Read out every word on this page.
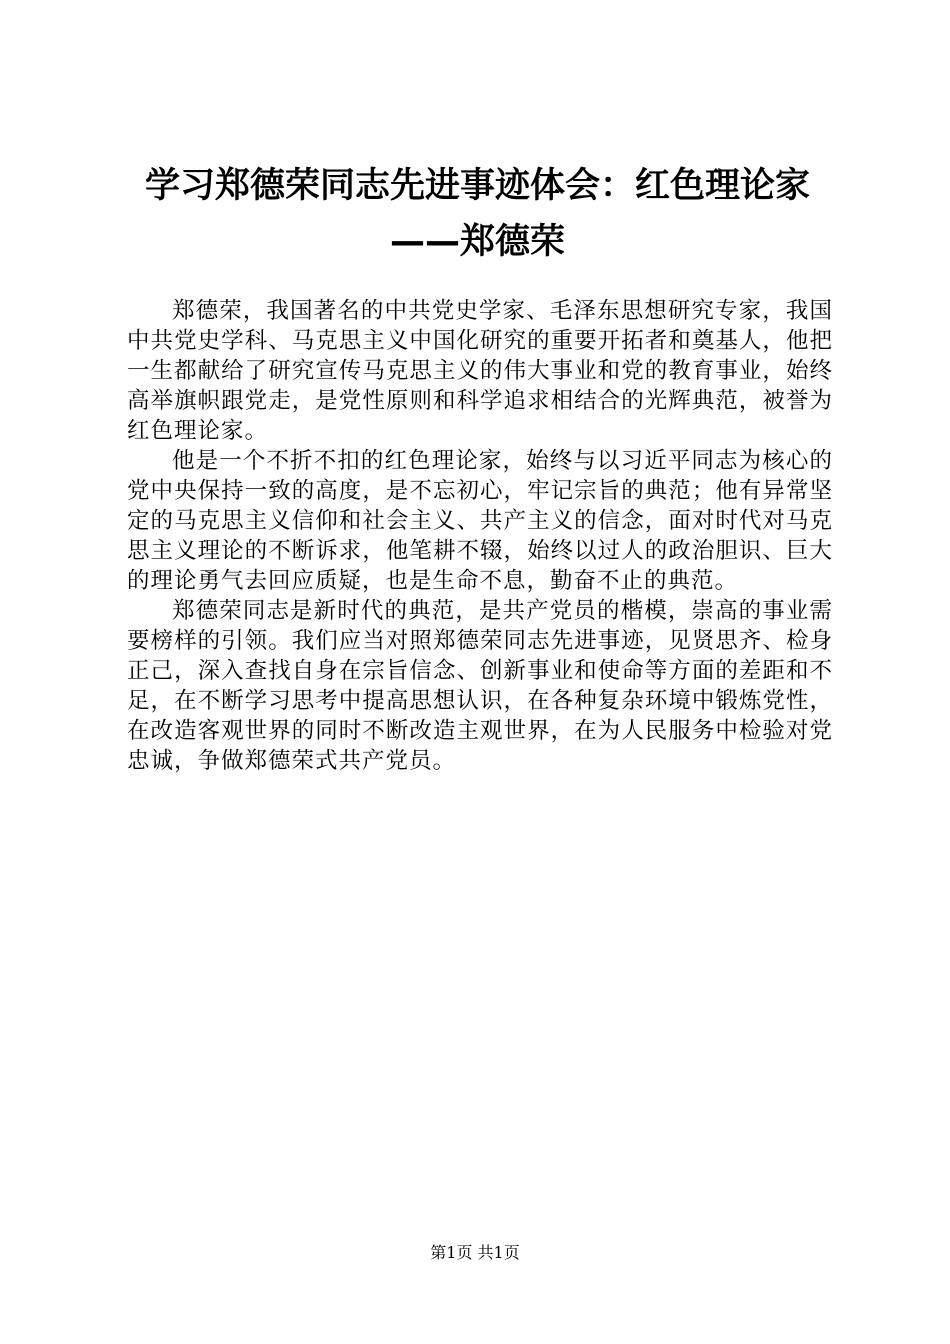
学习郑德荣同志先进事迹体会：红色理论家——郑德荣

郑德荣，我国著名的中共党史学家、毛泽东思想研究专家，我国中共党史学科、马克思主义中国化研究的重要开拓者和奠基人，他把一生都献给了研究宣传马克思主义的伟大事业和党的教育事业，始终高举旗帜跟党走，是党性原则和科学追求相结合的光辉典范，被誉为红色理论家。

他是一个不折不扣的红色理论家，始终与以习近平同志为核心的党中央保持一致的高度，是不忘初心，牢记宗旨的典范；他有异常坚定的马克思主义信仰和社会主义、共产主义的信念，面对时代对马克思主义理论的不断诉求，他笔耕不辍，始终以过人的政治胆识、巨大的理论勇气去回应质疑，也是生命不息，勤奋不止的典范。

郑德荣同志是新时代的典范，是共产党员的楷模，崇高的事业需要榜样的引领。我们应当对照郑德荣同志先进事迹，见贤思齐、检身正己，深入查找自身在宗旨信念、创新事业和使命等方面的差距和不足，在不断学习思考中提高思想认识，在各种复杂环境中锻炼党性，在改造客观世界的同时不断改造主观世界，在为人民服务中检验对党忠诚，争做郑德荣式共产党员。

第1页 共1页
